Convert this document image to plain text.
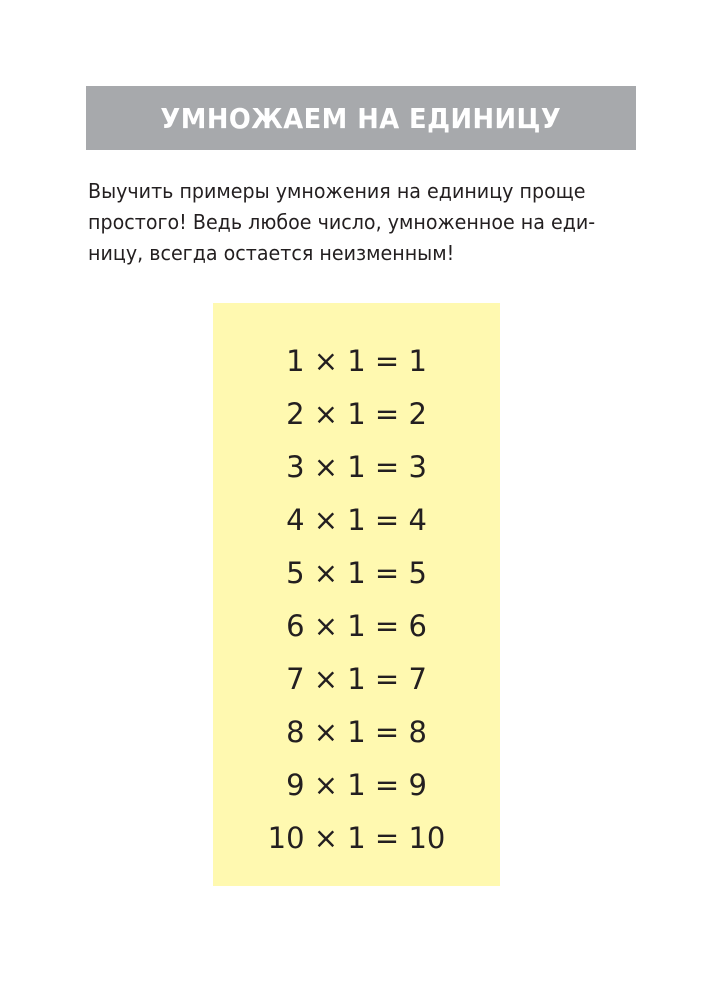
УМНОЖАЕМ НА ЕДИНИЦУ

Выучить примеры умножения на единицу проще
простого! Ведь любое число, умноженное на еди-
ницу, всегда остается неизменным!

1 × 1 = 1
2 × 1 = 2
3 × 1 = 3
4 × 1 = 4
5 × 1 = 5
6 × 1 = 6
7 × 1 = 7
8 × 1 = 8
9 × 1 = 9
10 × 1 = 10
